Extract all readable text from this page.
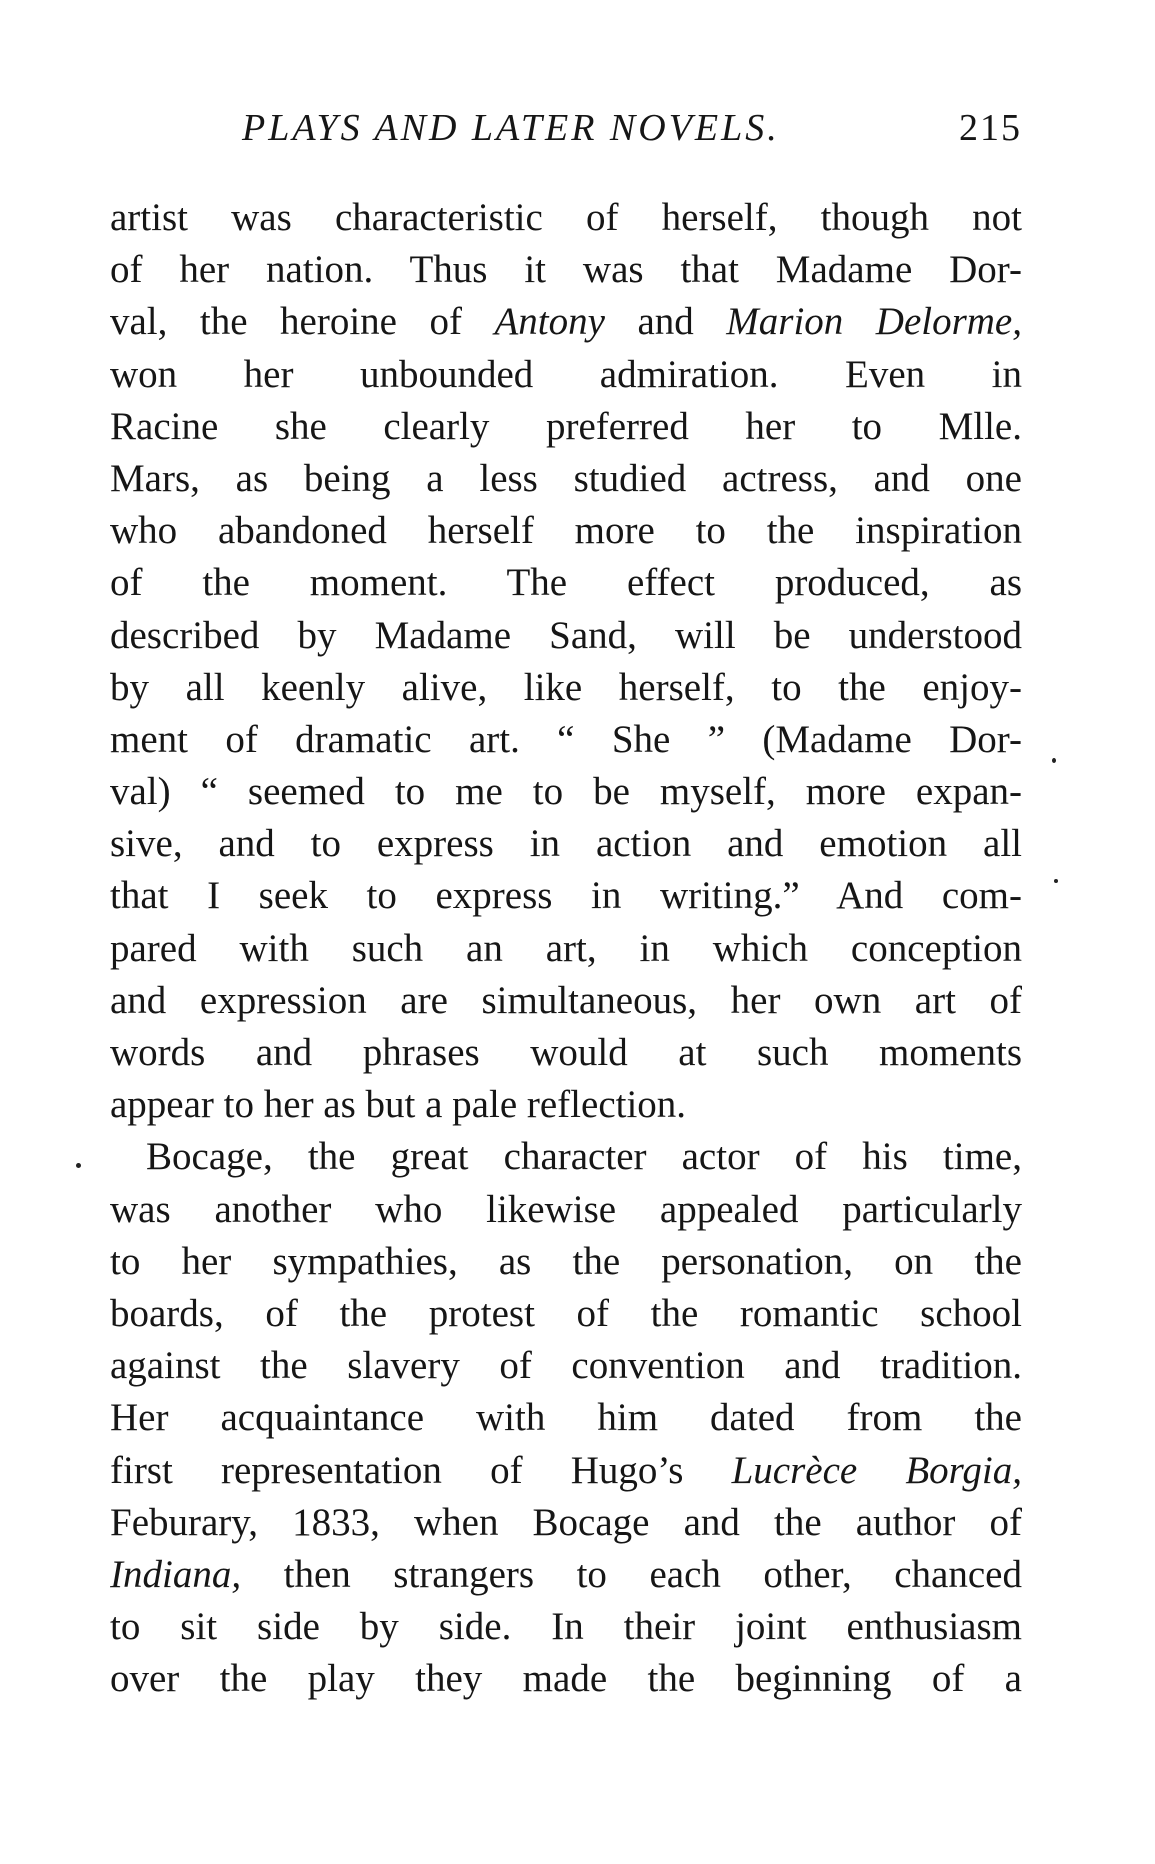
PLAYS AND LATER NOVELS.	215
artist was characteristic of herself, though not
of her nation. Thus it was that Madame Dor-
val, the heroine of Antony and Marion Delorme,
won her unbounded admiration. Even in
Racine she clearly preferred her to Mlle.
Mars, as being a less studied actress, and one
who abandoned herself more to the inspiration
of the moment. The effect produced, as
described by Madame Sand, will be understood
by all keenly alive, like herself, to the enjoy-
ment of dramatic art. “ She ” (Madame Dor-
val) “ seemed to me to be myself, more expan-
sive, and to express in action and emotion all
that I seek to express in writing.” And com-
pared with such an art, in which conception
and expression are simultaneous, her own art of
words and phrases would at such moments
appear to her as but a pale reflection.
Bocage, the great character actor of his time,
was another who likewise appealed particularly
to her sympathies, as the personation, on the
boards, of the protest of the romantic school
against the slavery of convention and tradition.
Her acquaintance with him dated from the
first representation of Hugo’s Lucrèce Borgia,
Feburary, 1833, when Bocage and the author of
Indiana, then strangers to each other, chanced
to sit side by side. In their joint enthusiasm
over the play they made the beginning of a
